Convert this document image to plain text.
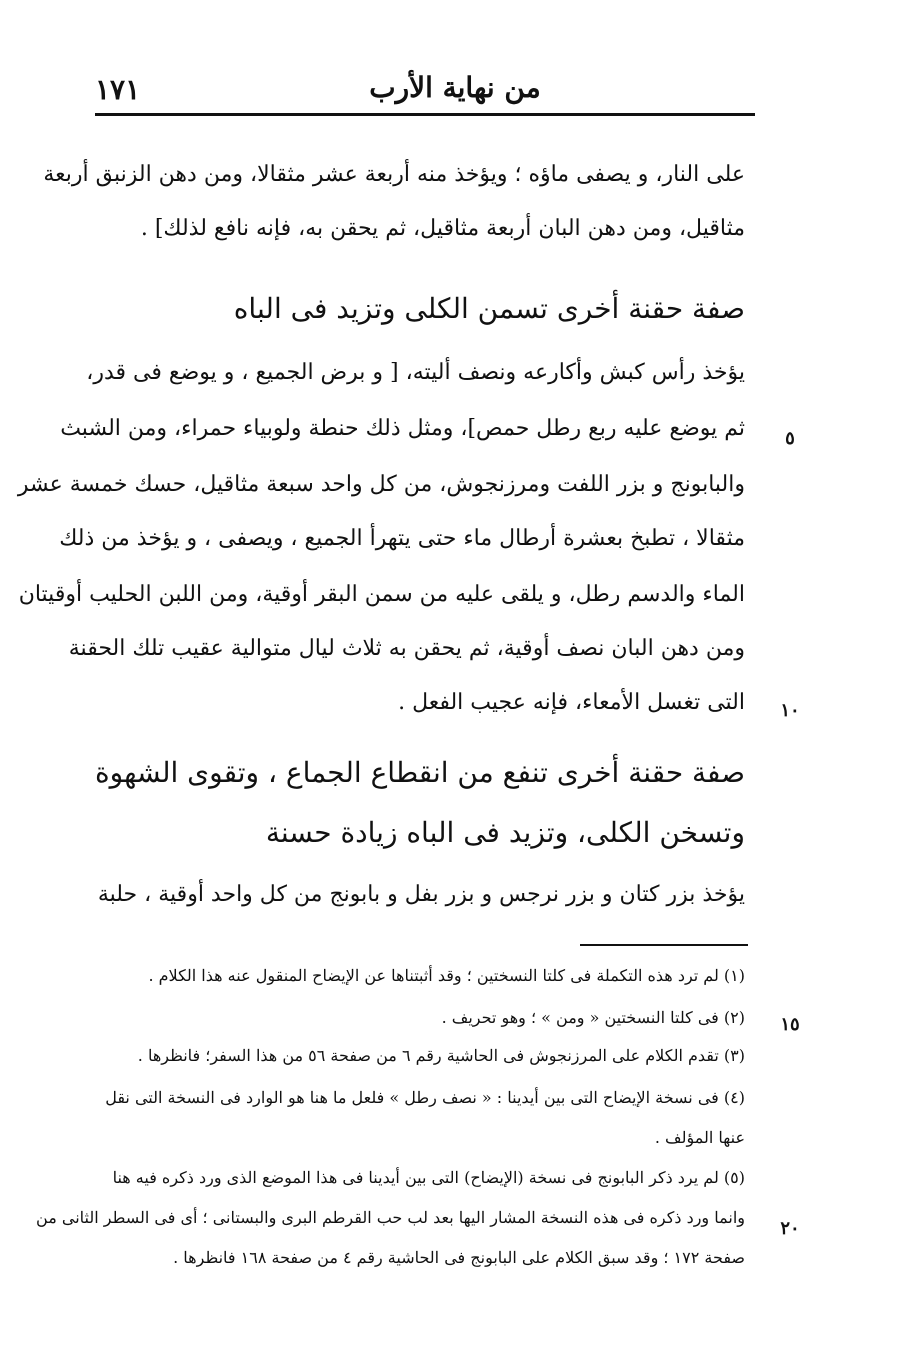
١٧١	من نهاية الأرب
على النار، و يصفى ماؤه ؛ ويؤخذ منه أربعة عشر مثقالا، ومن دهن الزنبق أربعة
مثاقيل، ومن دهن البان أربعة مثاقيل، ثم يحقن به، فإنه نافع لذلك] .
صفة حقنة أخرى تسمن الكلى وتزيد فى الباه
يؤخذ رأس كبش وأكارعه ونصف أليته، [ و برض الجميع ، و يوضع فى قدر،
ثم يوضع عليه ربع رطل حمص]، ومثل ذلك حنطة ولوبياء حمراء، ومن الشبث
والبابونج و بزر اللفت ومرزنجوش، من كل واحد سبعة مثاقيل، حسك خمسة عشر
مثقالا ، تطبخ بعشرة أرطال ماء حتى يتهرأ الجميع ، ويصفى ، و يؤخذ من ذلك
الماء والدسم رطل، و يلقى عليه من سمن البقر أوقية، ومن اللبن الحليب أوقيتان
ومن دهن البان نصف أوقية، ثم يحقن به ثلاث ليال متوالية عقيب تلك الحقنة
التى تغسل الأمعاء، فإنه عجيب الفعل .
صفة حقنة أخرى تنفع من انقطاع الجماع ، وتقوى الشهوة
وتسخن الكلى، وتزيد فى الباه زيادة حسنة
يؤخذ بزر كتان و بزر نرجس و بزر بفل و بابونج من كل واحد أوقية ، حلبة
٥
١٠
١٥
٢٠
(١) لم ترد هذه التكملة فى كلتا النسختين ؛ وقد أثبتناها عن الإيضاح المنقول عنه هذا الكلام .
(٢) فى كلتا النسختين « ومن » ؛ وهو تحريف .
(٣) تقدم الكلام على المرزنجوش فى الحاشية رقم ٦ من صفحة ٥٦ من هذا السفر؛ فانظرها .
(٤) فى نسخة الإيضاح التى بين أيدينا : « نصف رطل » فلعل ما هنا هو الوارد فى النسخة التى نقل
عنها المؤلف .
(٥) لم يرد ذكر البابونج فى نسخة (الإيضاح) التى بين أيدينا فى هذا الموضع الذى ورد ذكره فيه هنا
وانما ورد ذكره فى هذه النسخة المشار اليها بعد لب حب القرطم البرى والبستانى ؛ أى فى السطر الثانى من
صفحة ١٧٢ ؛ وقد سبق الكلام على البابونج فى الحاشية رقم ٤ من صفحة ١٦٨ فانظرها .
